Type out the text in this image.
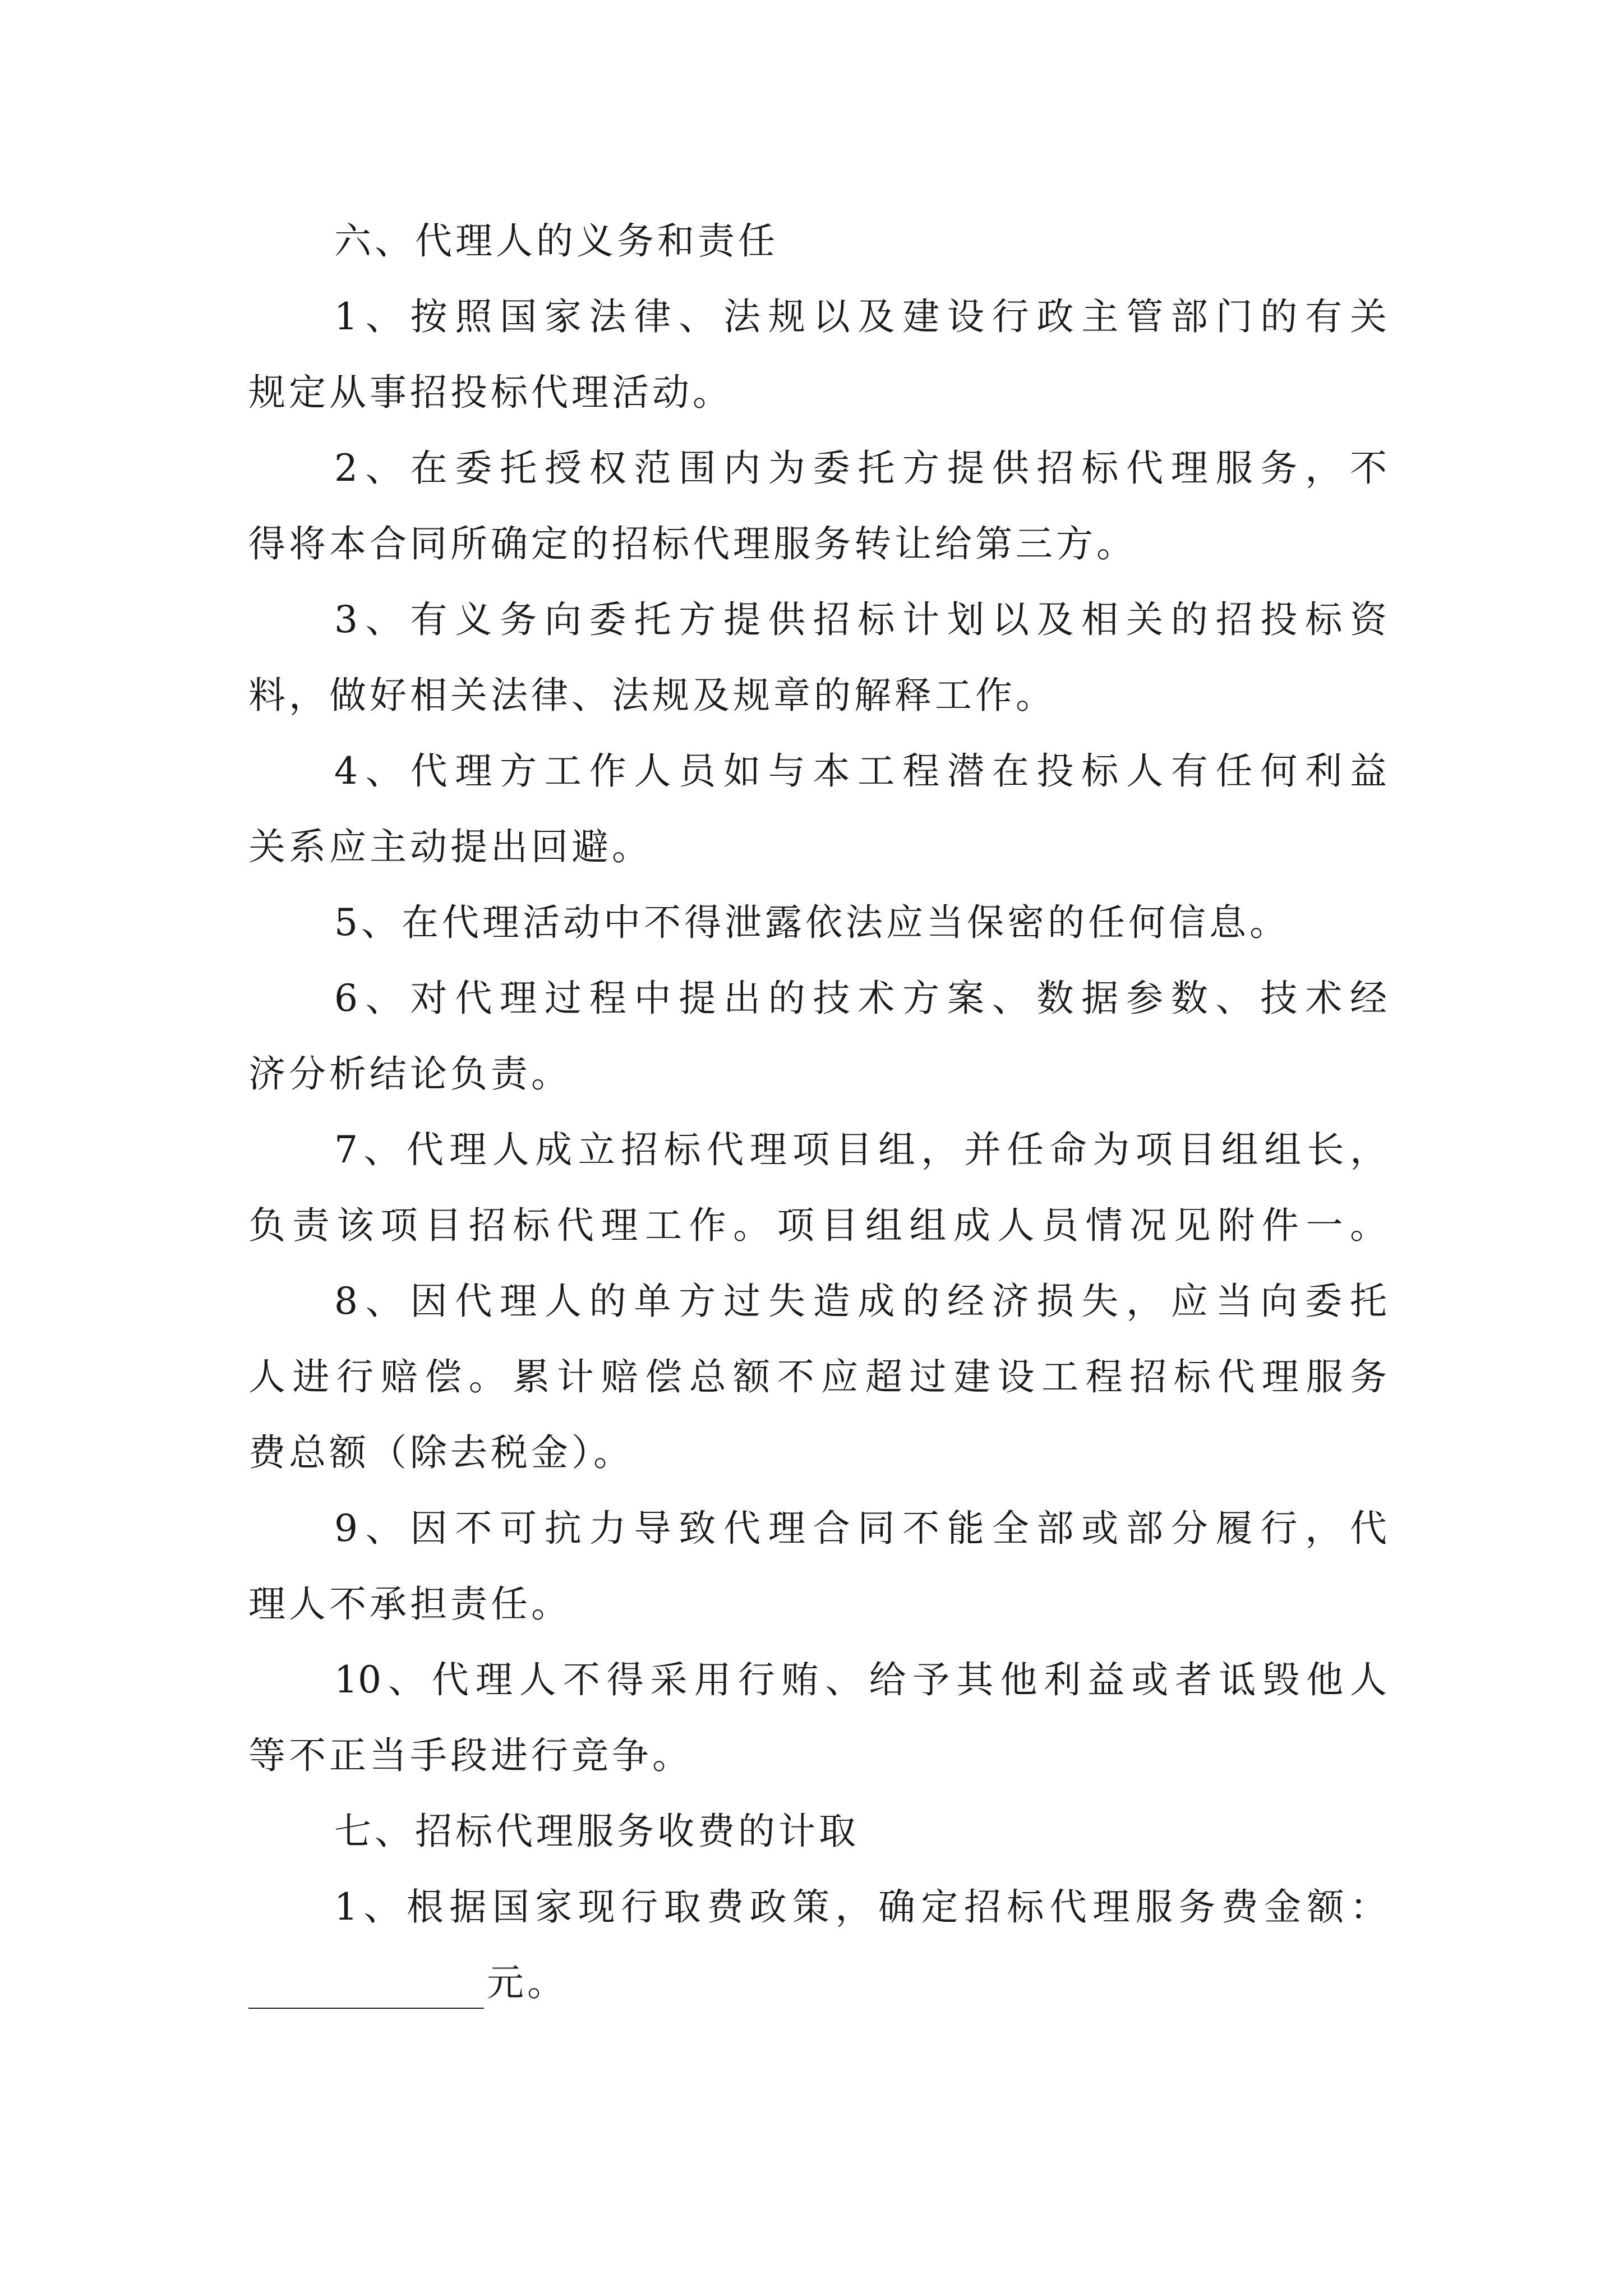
六、代理人的义务和责任
1、按照国家法律、法规以及建设行政主管部门的有关
规定从事招投标代理活动。
2、在委托授权范围内为委托方提供招标代理服务，不
得将本合同所确定的招标代理服务转让给第三方。
3、有义务向委托方提供招标计划以及相关的招投标资
料，做好相关法律、法规及规章的解释工作。
4、代理方工作人员如与本工程潜在投标人有任何利益
关系应主动提出回避。
5、在代理活动中不得泄露依法应当保密的任何信息。
6、对代理过程中提出的技术方案、数据参数、技术经
济分析结论负责。
7、代理人成立招标代理项目组，并任命为项目组组长，
负责该项目招标代理工作。项目组组成人员情况见附件一。
8、因代理人的单方过失造成的经济损失，应当向委托
人进行赔偿。累计赔偿总额不应超过建设工程招标代理服务
费总额（除去税金）。
9、因不可抗力导致代理合同不能全部或部分履行，代
理人不承担责任。
10、代理人不得采用行贿、给予其他利益或者诋毁他人
等不正当手段进行竞争。
七、招标代理服务收费的计取
1、根据国家现行取费政策，确定招标代理服务费金额：
元。
